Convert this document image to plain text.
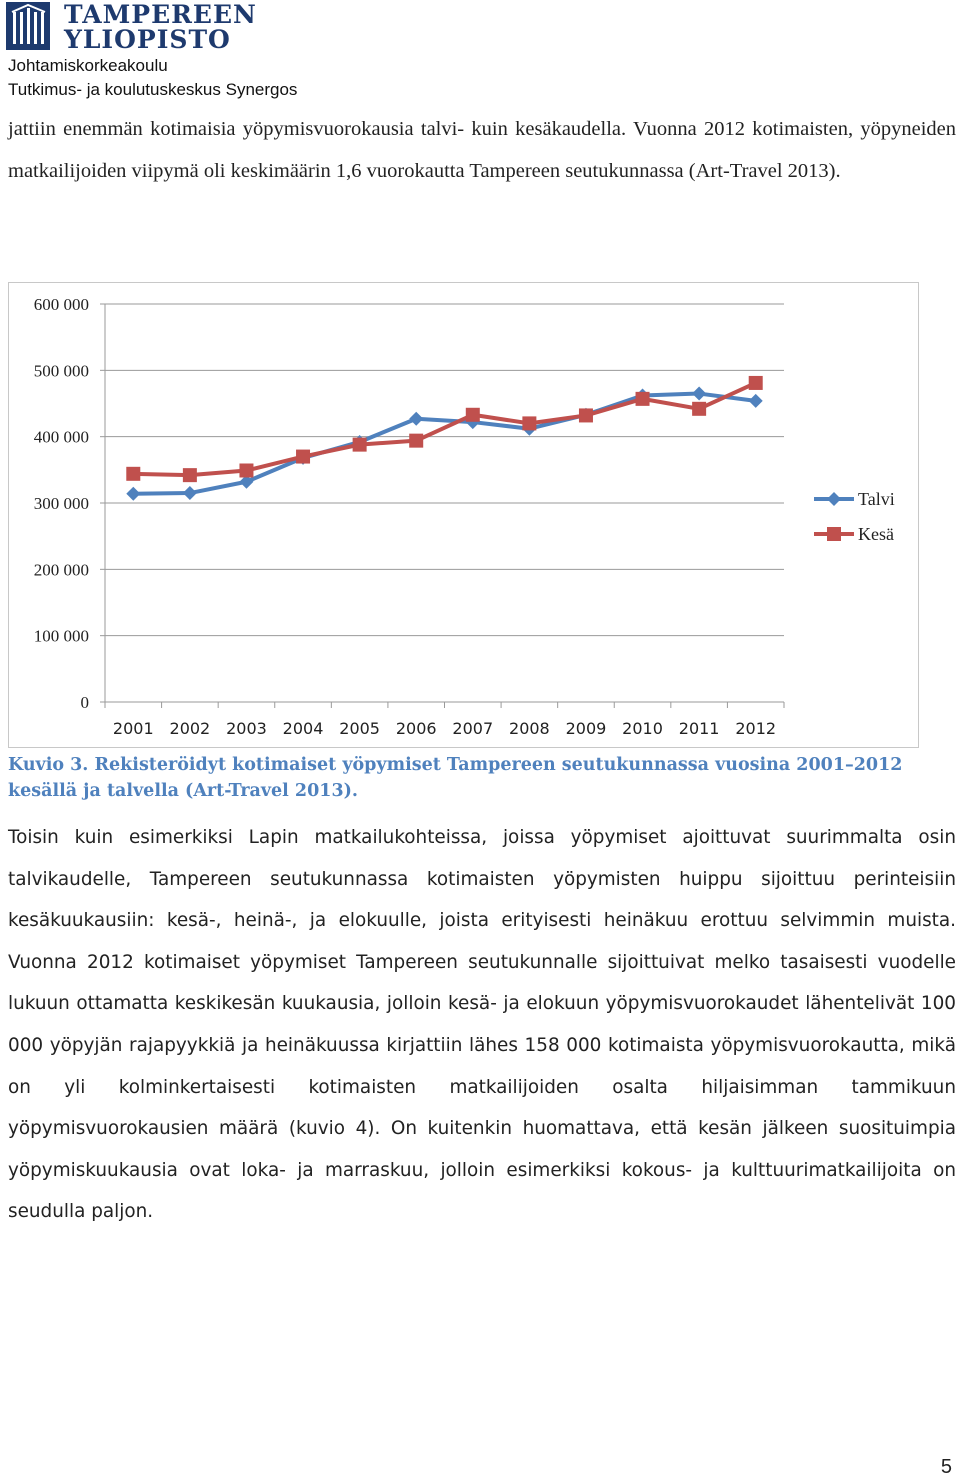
TAMPEREEN
YLIOPISTO
Johtamiskorkeakoulu
Tutkimus- ja koulutuskeskus Synergos

jattiin enemmän kotimaisia yöpymisvuorokausia talvi- kuin kesäkaudella. Vuonna 2012 kotimaisten, yöpyneiden matkailijoiden viipymä oli keskimäärin 1,6 vuorokautta Tampereen seutukunnassa (Art-Travel 2013).

0
100 000
200 000
300 000
400 000
500 000
600 000
2001 2002 2003 2004 2005 2006 2007 2008 2009 2010 2011 2012
Talvi
Kesä
Kuvio 3. Rekisteröidyt kotimaiset yöpymiset Tampereen seutukunnassa vuosina 2001–2012 kesällä ja talvella (Art-Travel 2013).

Toisin kuin esimerkiksi Lapin matkailukohteissa, joissa yöpymiset ajoittuvat suurimmalta osin talvikaudelle, Tampereen seutukunnassa kotimaisten yöpymisten huippu sijoittuu perinteisiin kesäkuukausiin: kesä-, heinä-, ja elokuulle, joista erityisesti heinäkuu erottuu selvimmin muista. Vuonna 2012 kotimaiset yöpymiset Tampereen seutukunnalle sijoittuivat melko tasaisesti vuodelle lukuun ottamatta keskikesän kuukausia, jolloin kesä- ja elokuun yöpymisvuorokaudet lähentelivät 100 000 yöpyjän rajapyykkiä ja heinäkuussa kirjattiin lähes 158 000 kotimaista yöpymisvuorokautta, mikä on yli kolminkertaisesti kotimaisten matkailijoiden osalta hiljaisimman tammikuun yöpymisvuorokausien määrä (kuvio 4). On kuitenkin huomattava, että kesän jälkeen suosituimpia yöpymiskuukausia ovat loka- ja marraskuu, jolloin esimerkiksi kokous- ja kulttuurimatkailijoita on seudulla paljon.

5
